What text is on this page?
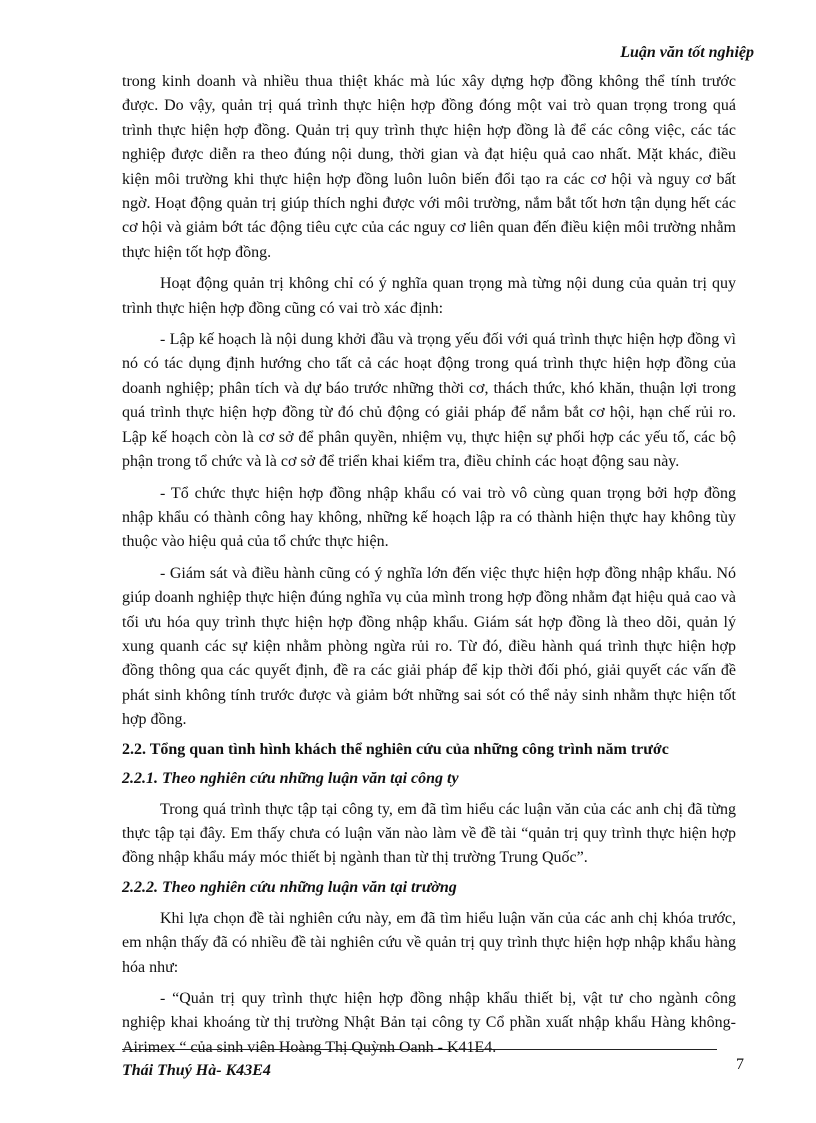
Luận văn tốt nghiệp

trong kinh doanh và nhiều thua thiệt khác mà lúc xây dựng hợp đồng không thể tính trước được. Do vậy, quản trị quá trình thực hiện hợp đồng đóng một vai trò quan trọng trong quá trình thực hiện hợp đồng. Quản trị quy trình thực hiện hợp đồng là để các công việc, các tác nghiệp được diễn ra theo đúng nội dung, thời gian và đạt hiệu quả cao nhất. Mặt khác, điều kiện môi trường khi thực hiện hợp đồng luôn luôn biến đổi tạo ra các cơ hội và nguy cơ bất ngờ. Hoạt động quản trị giúp thích nghi được với môi trường, nắm bắt tốt hơn tận dụng hết các cơ hội và giảm bớt tác động tiêu cực của các nguy cơ liên quan đến điều kiện môi trường nhằm thực hiện tốt hợp đồng.

Hoạt động quản trị không chỉ có ý nghĩa quan trọng mà từng nội dung của quản trị quy trình thực hiện hợp đồng cũng có vai trò xác định:

- Lập kế hoạch là nội dung khởi đầu và trọng yếu đối với quá trình thực hiện hợp đồng vì nó có tác dụng định hướng cho tất cả các hoạt động trong quá trình thực hiện hợp đồng của doanh nghiệp; phân tích và dự báo trước những thời cơ, thách thức, khó khăn, thuận lợi trong quá trình thực hiện hợp đồng từ đó chủ động có giải pháp để nắm bắt cơ hội, hạn chế rủi ro. Lập kế hoạch còn là cơ sở để phân quyền, nhiệm vụ, thực hiện sự phối hợp các yếu tố, các bộ phận trong tổ chức và là cơ sở để triển khai kiểm tra, điều chỉnh các hoạt động sau này.

- Tổ chức thực hiện hợp đồng nhập khẩu có vai trò vô cùng quan trọng bởi hợp đồng nhập khẩu có thành công hay không, những kế hoạch lập ra có thành hiện thực hay không tùy thuộc vào hiệu quả của tổ chức thực hiện.

- Giám sát và điều hành cũng có ý nghĩa lớn đến việc thực hiện hợp đồng nhập khẩu. Nó giúp doanh nghiệp thực hiện đúng nghĩa vụ của mình trong hợp đồng nhằm đạt hiệu quả cao và tối ưu hóa quy trình thực hiện hợp đồng nhập khẩu. Giám sát hợp đồng là theo dõi, quản lý xung quanh các sự kiện nhằm phòng ngừa rủi ro. Từ đó, điều hành quá trình thực hiện hợp đồng thông qua các quyết định, đề ra các giải pháp để kịp thời đối phó, giải quyết các vấn đề phát sinh không tính trước được và giảm bớt những sai sót có thể nảy sinh nhằm thực hiện tốt hợp đồng.

2.2. Tổng quan tình hình khách thể nghiên cứu của những công trình năm trước
2.2.1. Theo nghiên cứu những luận văn tại công ty

Trong quá trình thực tập tại công ty, em đã tìm hiểu các luận văn của các anh chị đã từng thực tập tại đây. Em thấy chưa có luận văn nào làm về đề tài “quản trị quy trình thực hiện hợp đồng nhập khẩu máy móc thiết bị ngành than từ thị trường Trung Quốc”.

2.2.2. Theo nghiên cứu những luận văn tại trường

Khi lựa chọn đề tài nghiên cứu này, em đã tìm hiểu luận văn của các anh chị khóa trước, em nhận thấy đã có nhiều đề tài nghiên cứu về quản trị quy trình thực hiện hợp nhập khẩu hàng hóa như:

- “Quản trị quy trình thực hiện hợp đồng nhập khẩu thiết bị, vật tư cho ngành công nghiệp khai khoáng từ thị trường Nhật Bản tại công ty Cổ phần xuất nhập khẩu Hàng không- Airimex “ của sinh viên Hoàng Thị Quỳnh Oanh - K41E4.

Thái Thuý Hà- K43E4	7
